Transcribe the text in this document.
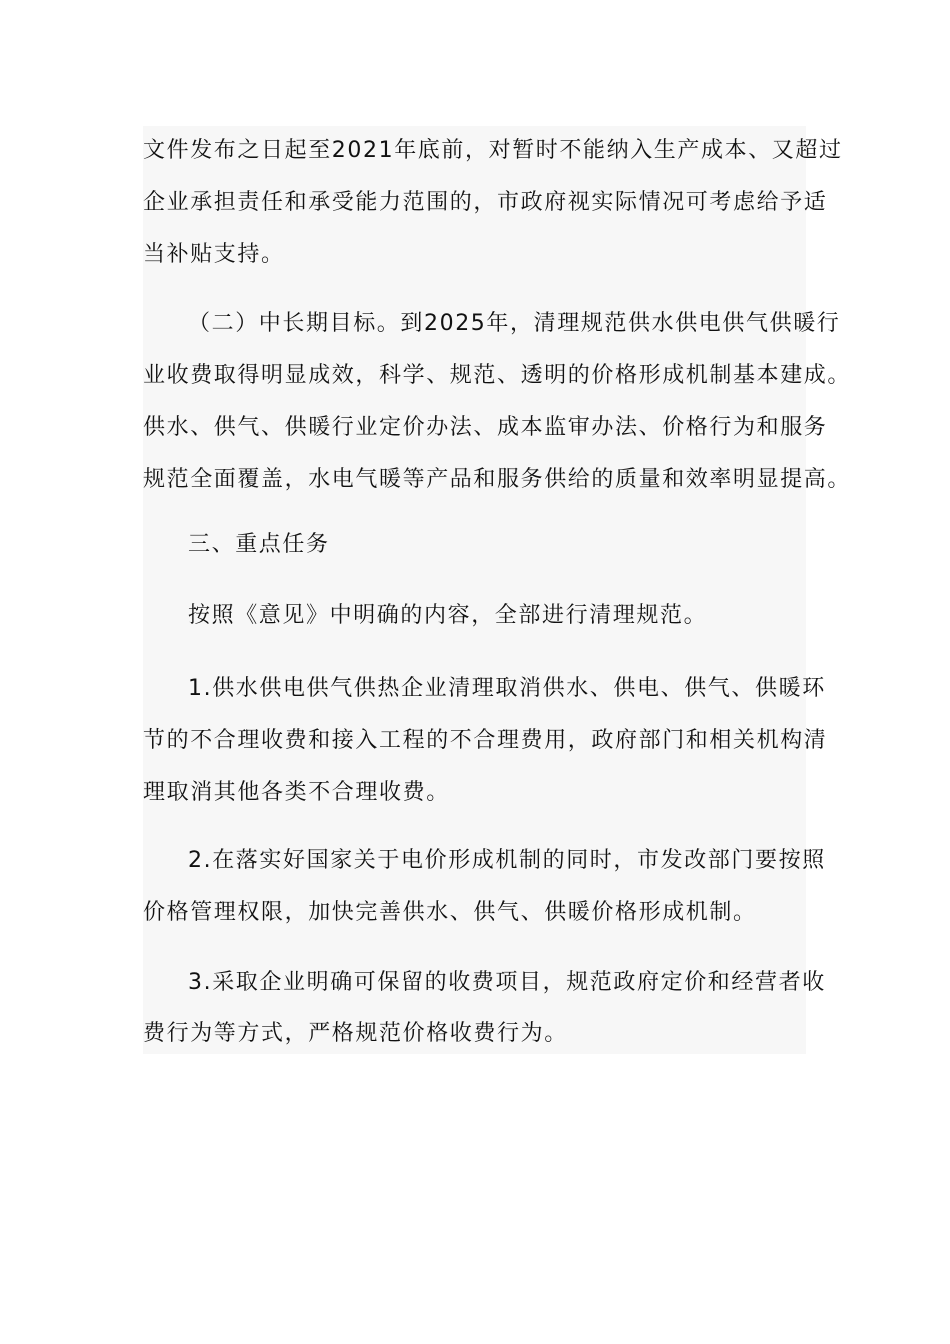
文件发布之日起至2021年底前，对暂时不能纳入生产成本、又超过
企业承担责任和承受能力范围的，市政府视实际情况可考虑给予适
当补贴支持。
（二）中长期目标。到2025年，清理规范供水供电供气供暖行
业收费取得明显成效，科学、规范、透明的价格形成机制基本建成。
供水、供气、供暖行业定价办法、成本监审办法、价格行为和服务
规范全面覆盖，水电气暖等产品和服务供给的质量和效率明显提高。
三、重点任务
按照《意见》中明确的内容，全部进行清理规范。
1.供水供电供气供热企业清理取消供水、供电、供气、供暖环
节的不合理收费和接入工程的不合理费用，政府部门和相关机构清
理取消其他各类不合理收费。
2.在落实好国家关于电价形成机制的同时，市发改部门要按照
价格管理权限，加快完善供水、供气、供暖价格形成机制。
3.采取企业明确可保留的收费项目，规范政府定价和经营者收
费行为等方式，严格规范价格收费行为。
